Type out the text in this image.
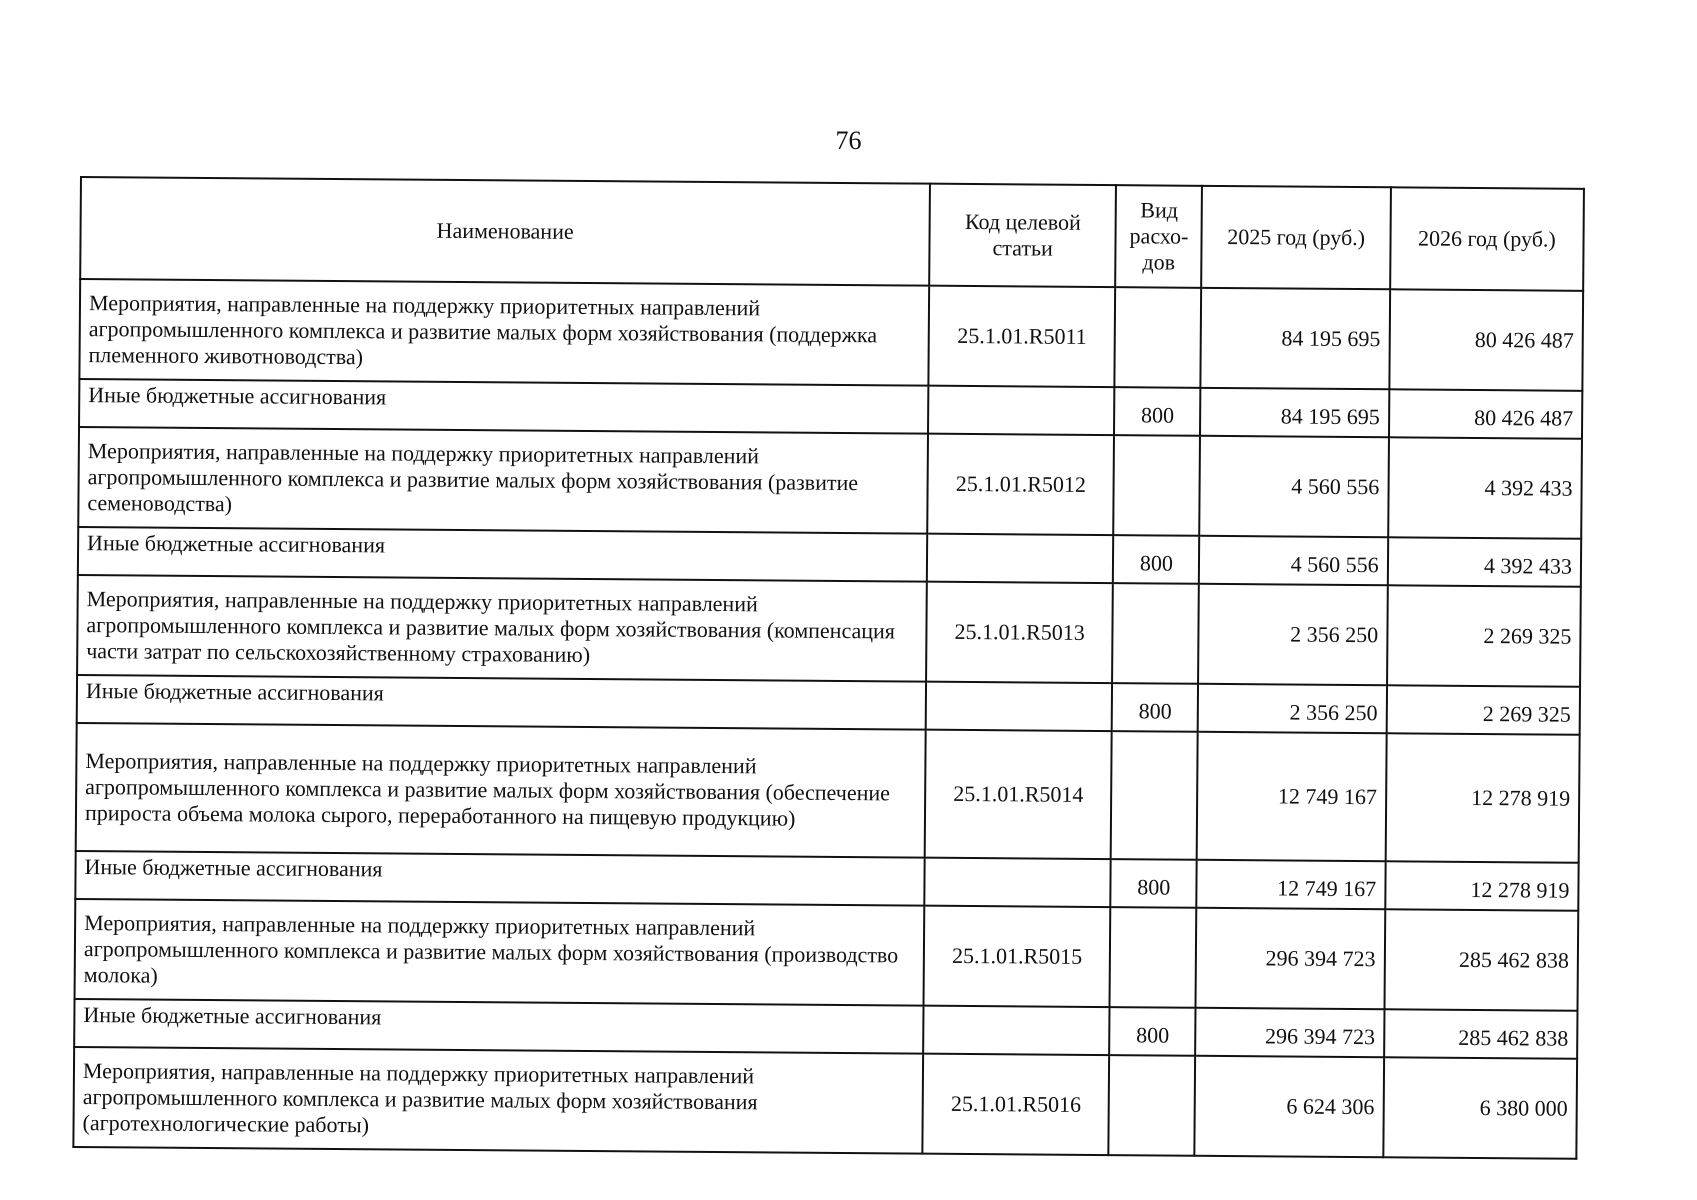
76
Наименование	Код целевой статьи	Вид расхо-дов	2025 год (руб.)	2026 год (руб.)
Мероприятия, направленные на поддержку приоритетных направлений агропромышленного комплекса и развитие малых форм хозяйствования (поддержка племенного животноводства)	25.1.01.R5011		84 195 695	80 426 487
Иные бюджетные ассигнования		800	84 195 695	80 426 487
Мероприятия, направленные на поддержку приоритетных направлений агропромышленного комплекса и развитие малых форм хозяйствования (развитие семеноводства)	25.1.01.R5012		4 560 556	4 392 433
Иные бюджетные ассигнования		800	4 560 556	4 392 433
Мероприятия, направленные на поддержку приоритетных направлений агропромышленного комплекса и развитие малых форм хозяйствования (компенсация части затрат по сельскохозяйственному страхованию)	25.1.01.R5013		2 356 250	2 269 325
Иные бюджетные ассигнования		800	2 356 250	2 269 325
Мероприятия, направленные на поддержку приоритетных направлений агропромышленного комплекса и развитие малых форм хозяйствования (обеспечение прироста объема молока сырого, переработанного на пищевую продукцию)	25.1.01.R5014		12 749 167	12 278 919
Иные бюджетные ассигнования		800	12 749 167	12 278 919
Мероприятия, направленные на поддержку приоритетных направлений агропромышленного комплекса и развитие малых форм хозяйствования (производство молока)	25.1.01.R5015		296 394 723	285 462 838
Иные бюджетные ассигнования		800	296 394 723	285 462 838
Мероприятия, направленные на поддержку приоритетных направлений агропромышленного комплекса и развитие малых форм хозяйствования (агротехнологические работы)	25.1.01.R5016		6 624 306	6 380 000
